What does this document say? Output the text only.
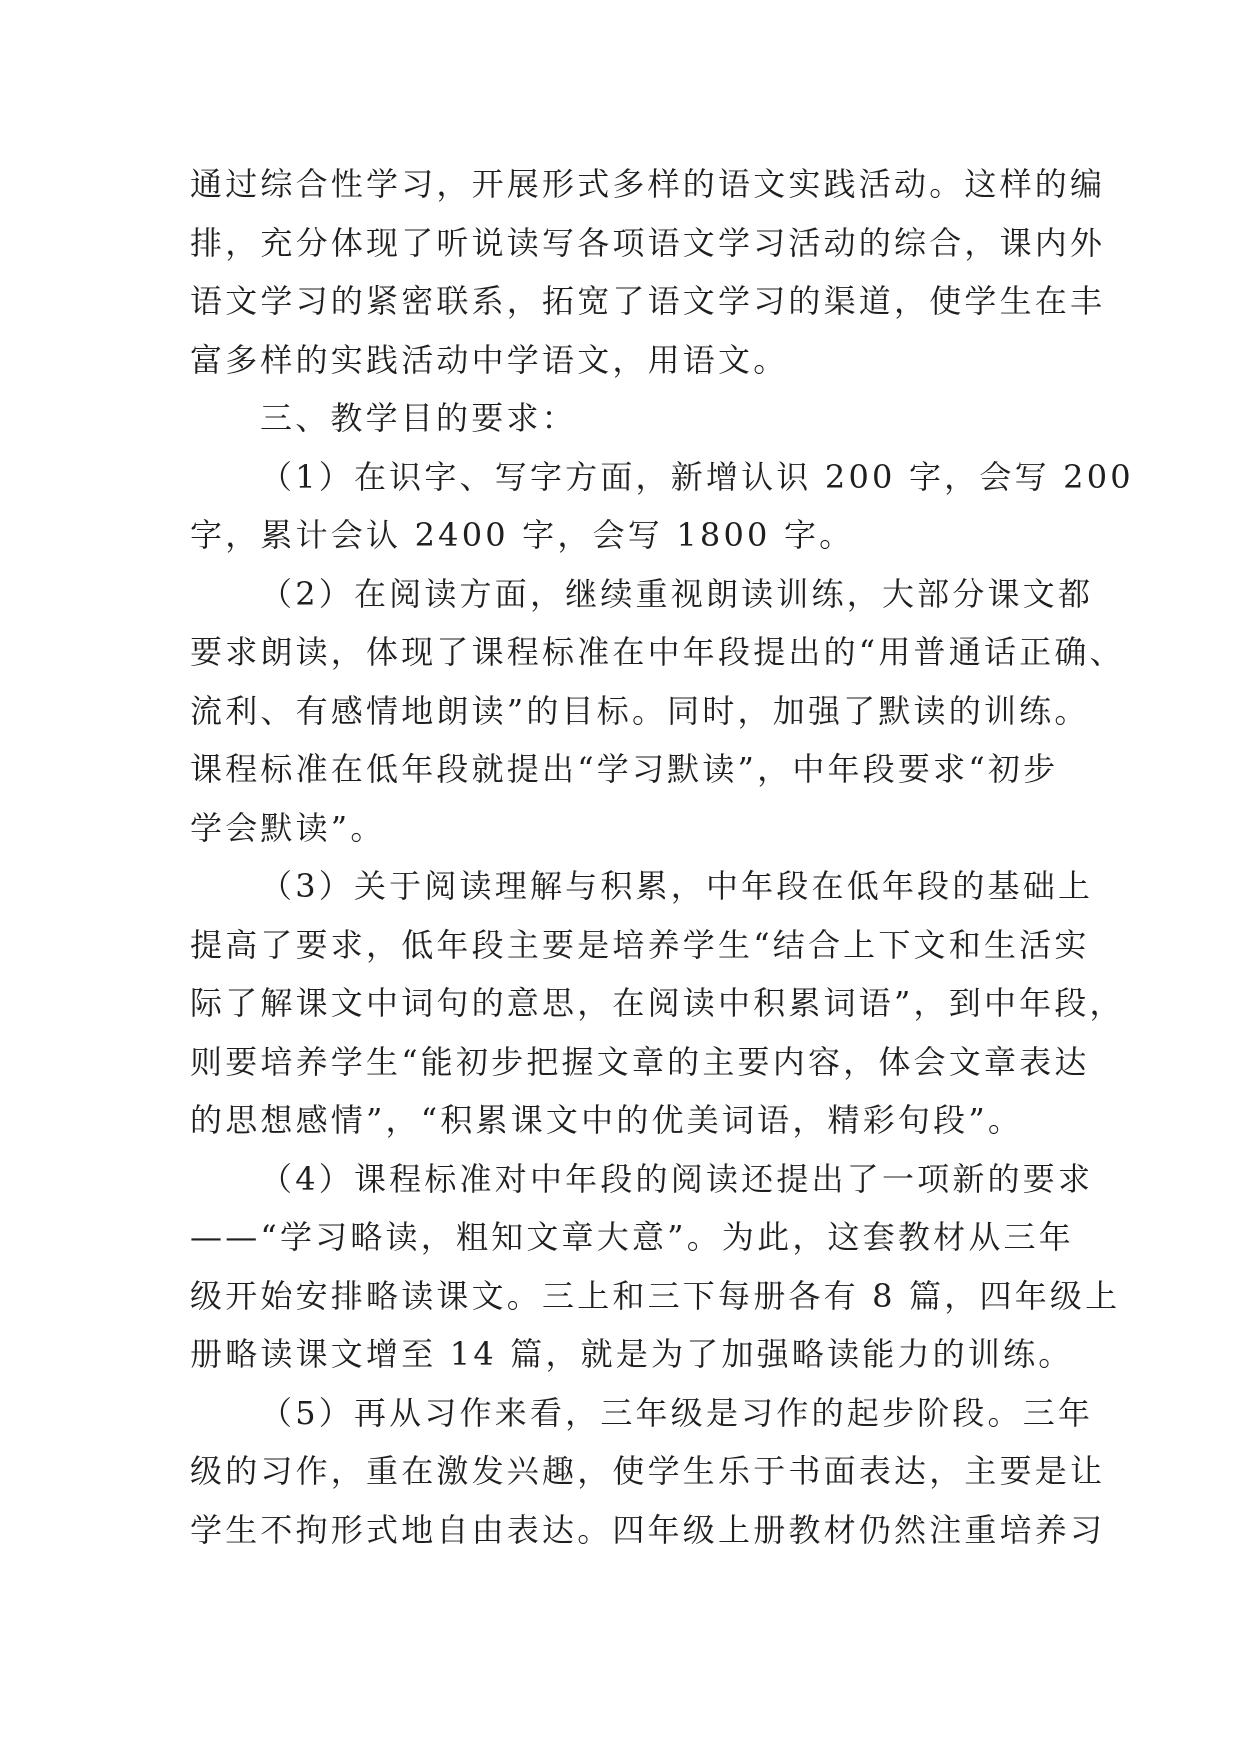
通过综合性学习，开展形式多样的语文实践活动。这样的编
排，充分体现了听说读写各项语文学习活动的综合，课内外
语文学习的紧密联系，拓宽了语文学习的渠道，使学生在丰
富多样的实践活动中学语文，用语文。
三、教学目的要求：
（1）在识字、写字方面，新增认识 200 字，会写 200
字，累计会认 2400 字，会写 1800 字。
（2）在阅读方面，继续重视朗读训练，大部分课文都
要求朗读，体现了课程标准在中年段提出的“用普通话正确、
流利、有感情地朗读”的目标。同时，加强了默读的训练。
课程标准在低年段就提出“学习默读”，中年段要求“初步
学会默读”。
（3）关于阅读理解与积累，中年段在低年段的基础上
提高了要求，低年段主要是培养学生“结合上下文和生活实
际了解课文中词句的意思，在阅读中积累词语”，到中年段，
则要培养学生“能初步把握文章的主要内容，体会文章表达
的思想感情”，“积累课文中的优美词语，精彩句段”。
（4）课程标准对中年段的阅读还提出了一项新的要求
——“学习略读，粗知文章大意”。为此，这套教材从三年
级开始安排略读课文。三上和三下每册各有 8 篇，四年级上
册略读课文增至 14 篇，就是为了加强略读能力的训练。
（5）再从习作来看，三年级是习作的起步阶段。三年
级的习作，重在激发兴趣，使学生乐于书面表达，主要是让
学生不拘形式地自由表达。四年级上册教材仍然注重培养习
